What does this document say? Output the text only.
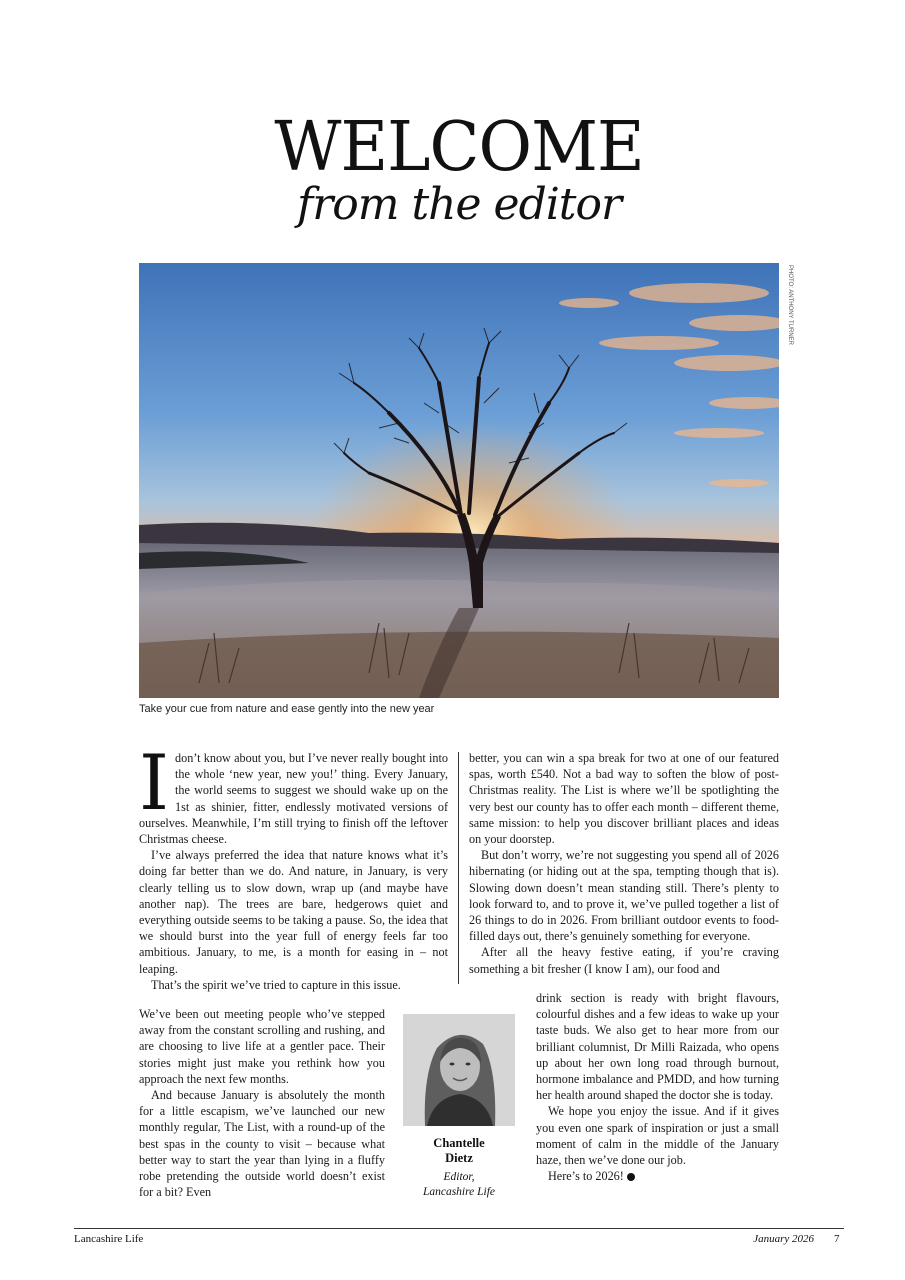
WELCOME
from the editor
PHOTO: ANTHONY TURNER
Take your cue from nature and ease gently into the new year

Idon’t know about you, but I’ve never really bought into the whole ‘new year, new you!’ thing. Every January, the world seems to suggest we should wake up on the 1st as shinier, fitter, endlessly motivated versions of ourselves. Meanwhile, I’m still trying to finish off the leftover Christmas cheese.

I’ve always preferred the idea that nature knows what it’s doing far better than we do. And nature, in January, is very clearly telling us to slow down, wrap up (and maybe have another nap). The trees are bare, hedgerows quiet and everything outside seems to be taking a pause. So, the idea that we should burst into the year full of energy feels far too ambitious. January, to me, is a month for easing in – not leaping.

That’s the spirit we’ve tried to capture in this issue.

We’ve been out meeting people who’ve stepped away from the constant scrolling and rushing, and are choosing to live life at a gentler pace. Their stories might just make you rethink how you approach the next few months.

And because January is absolutely the month for a little escapism, we’ve launched our new monthly regular, The List, with a round-up of the best spas in the county to visit – because what better way to start the year than lying in a fluffy robe pretending the outside world doesn’t exist for a bit? Even

better, you can win a spa break for two at one of our featured spas, worth £540. Not a bad way to soften the blow of post-Christmas reality. The List is where we’ll be spotlighting the very best our county has to offer each month – different theme, same mission: to help you discover brilliant places and ideas on your doorstep.

But don’t worry, we’re not suggesting you spend all of 2026 hibernating (or hiding out at the spa, tempting though that is). Slowing down doesn’t mean standing still. There’s plenty to look forward to, and to prove it, we’ve pulled together a list of 26 things to do in 2026. From brilliant outdoor events to food-filled days out, there’s genuinely something for everyone.

After all the heavy festive eating, if you’re craving something a bit fresher (I know I am), our food and

drink section is ready with bright flavours, colourful dishes and a few ideas to wake up your taste buds. We also get to hear more from our brilliant columnist, Dr Milli Raizada, who opens up about her own long road through burnout, hormone imbalance and PMDD, and how turning her health around shaped the doctor she is today.

We hope you enjoy the issue. And if it gives you even one spark of inspiration or just a small moment of calm in the middle of the January haze, then we’ve done our job.

Here’s to 2026!

Chantelle
Dietz
Editor,
Lancashire Life
Lancashire Life	January 2026 7
